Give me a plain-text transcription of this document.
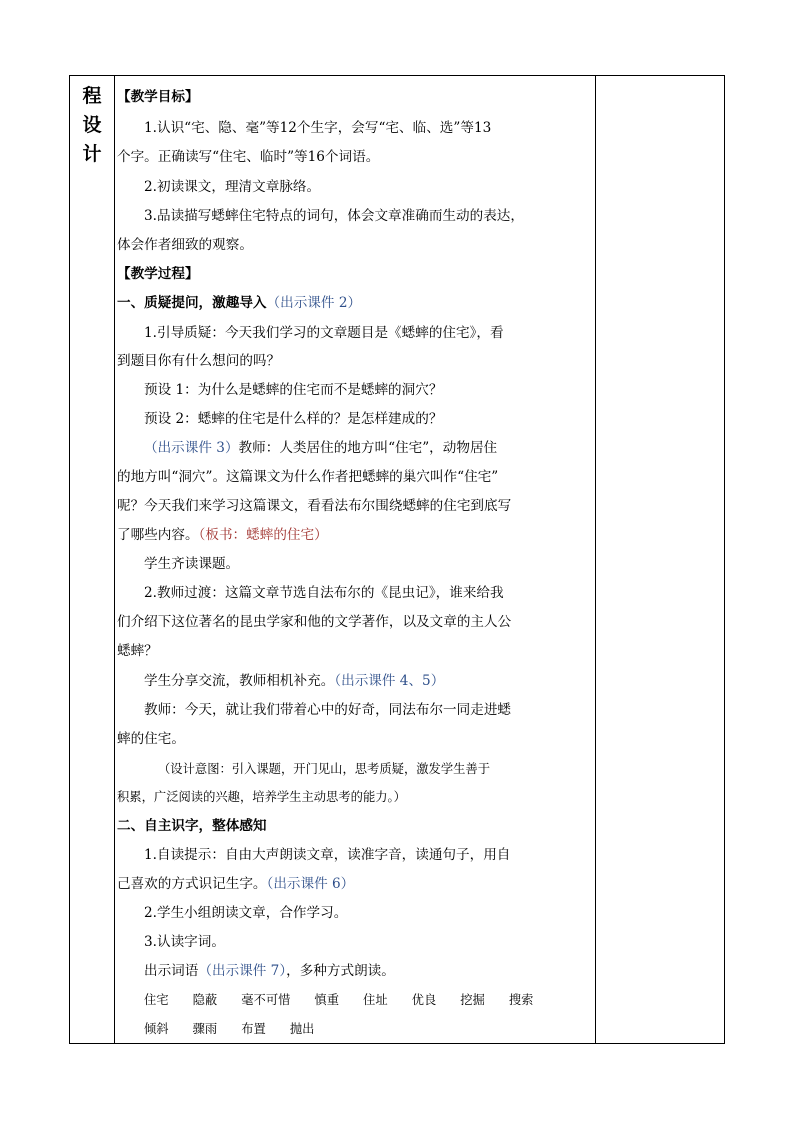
程
设
计
【教学目标】
1.认识“宅、隐、毫”等12个生字，会写“宅、临、选”等13
个字。正确读写“住宅、临时”等16个词语。
2.初读课文，理清文章脉络。
3.品读描写蟋蟀住宅特点的词句，体会文章准确而生动的表达，
体会作者细致的观察。
【教学过程】
一、质疑提问，激趣导入（出示课件 2）
1.引导质疑：今天我们学习的文章题目是《蟋蟀的住宅》，看
到题目你有什么想问的吗？
预设 1：为什么是蟋蟀的住宅而不是蟋蟀的洞穴？
预设 2：蟋蟀的住宅是什么样的？是怎样建成的？
（出示课件 3）教师：人类居住的地方叫“住宅”，动物居住
的地方叫“洞穴”。这篇课文为什么作者把蟋蟀的巢穴叫作“住宅”
呢？今天我们来学习这篇课文，看看法布尔围绕蟋蟀的住宅到底写
了哪些内容。（板书：蟋蟀的住宅）
学生齐读课题。
2.教师过渡：这篇文章节选自法布尔的《昆虫记》，谁来给我
们介绍下这位著名的昆虫学家和他的文学著作，以及文章的主人公
蟋蟀？
学生分享交流，教师相机补充。（出示课件 4、5）
教师：今天，就让我们带着心中的好奇，同法布尔一同走进蟋
蟀的住宅。
（设计意图：引入课题，开门见山，思考质疑，激发学生善于
积累，广泛阅读的兴趣，培养学生主动思考的能力。）
二、自主识字，整体感知
1.自读提示：自由大声朗读文章，读准字音，读通句子，用自
己喜欢的方式识记生字。（出示课件 6）
2.学生小组朗读文章，合作学习。
3.认读字词。
出示词语（出示课件 7），多种方式朗读。
住宅 隐蔽 毫不可惜 慎重 住址 优良 挖掘 搜索
倾斜 骤雨 布置 抛出
